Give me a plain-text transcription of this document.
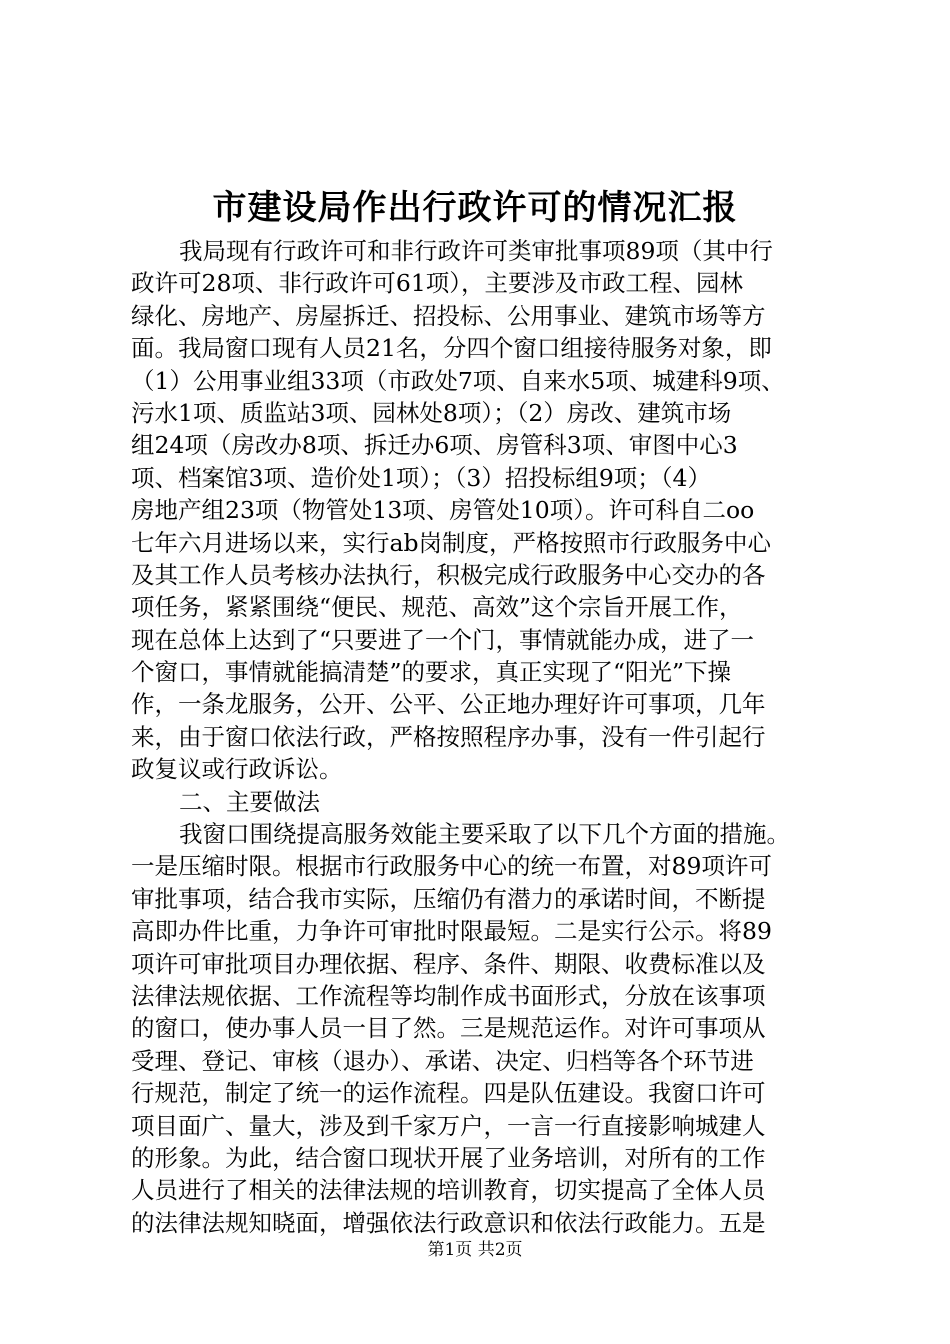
市建设局作出行政许可的情况汇报
我局现有行政许可和非行政许可类审批事项89项（其中行
政许可28项、非行政许可61项），主要涉及市政工程、园林
绿化、房地产、房屋拆迁、招投标、公用事业、建筑市场等方
面。我局窗口现有人员21名，分四个窗口组接待服务对象，即
（1）公用事业组33项（市政处7项、自来水5项、城建科9项、
污水1项、质监站3项、园林处8项）；（2）房改、建筑市场
组24项（房改办8项、拆迁办6项、房管科3项、审图中心3
项、档案馆3项、造价处1项）；（3）招投标组9项；（4）
房地产组23项（物管处13项、房管处10项）。许可科自二oo
七年六月进场以来，实行ab岗制度，严格按照市行政服务中心
及其工作人员考核办法执行，积极完成行政服务中心交办的各
项任务，紧紧围绕“便民、规范、高效”这个宗旨开展工作，
现在总体上达到了“只要进了一个门，事情就能办成，进了一
个窗口，事情就能搞清楚”的要求，真正实现了“阳光”下操
作，一条龙服务，公开、公平、公正地办理好许可事项，几年
来，由于窗口依法行政，严格按照程序办事，没有一件引起行
政复议或行政诉讼。
二、主要做法
我窗口围绕提高服务效能主要采取了以下几个方面的措施。
一是压缩时限。根据市行政服务中心的统一布置，对89项许可
审批事项，结合我市实际，压缩仍有潜力的承诺时间，不断提
高即办件比重，力争许可审批时限最短。二是实行公示。将89
项许可审批项目办理依据、程序、条件、期限、收费标准以及
法律法规依据、工作流程等均制作成书面形式，分放在该事项
的窗口，使办事人员一目了然。三是规范运作。对许可事项从
受理、登记、审核（退办）、承诺、决定、归档等各个环节进
行规范，制定了统一的运作流程。四是队伍建设。我窗口许可
项目面广、量大，涉及到千家万户，一言一行直接影响城建人
的形象。为此，结合窗口现状开展了业务培训，对所有的工作
人员进行了相关的法律法规的培训教育，切实提高了全体人员
的法律法规知晓面，增强依法行政意识和依法行政能力。五是
第1页 共2页
